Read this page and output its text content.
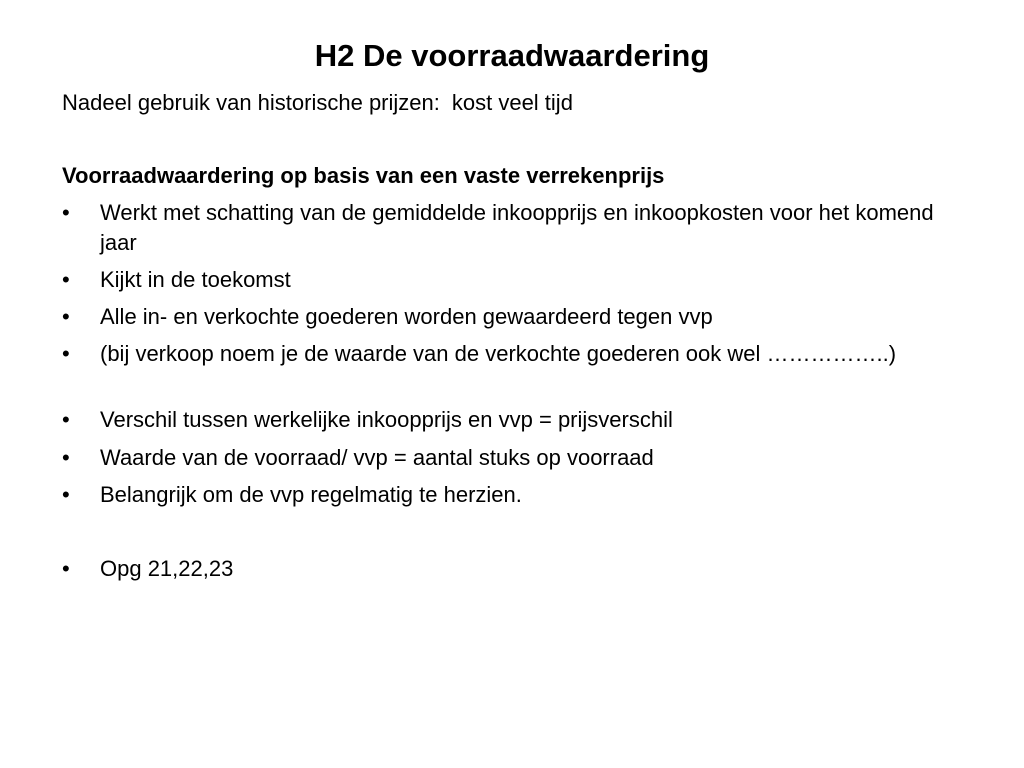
H2 De voorraadwaardering
Nadeel gebruik van historische prijzen: kost veel tijd
Voorraadwaardering op basis van een vaste verrekenprijs
•	Werkt met schatting van de gemiddelde inkoopprijs en inkoopkosten voor het komend jaar
•	Kijkt in de toekomst
•	Alle in- en verkochte goederen worden gewaardeerd tegen vvp
•	(bij verkoop noem je de waarde van de verkochte goederen ook wel ……………..)
•	Verschil tussen werkelijke inkoopprijs en vvp = prijsverschil
•	Waarde van de voorraad/ vvp = aantal stuks op voorraad
•	Belangrijk om de vvp regelmatig te herzien.
•	Opg 21,22,23
